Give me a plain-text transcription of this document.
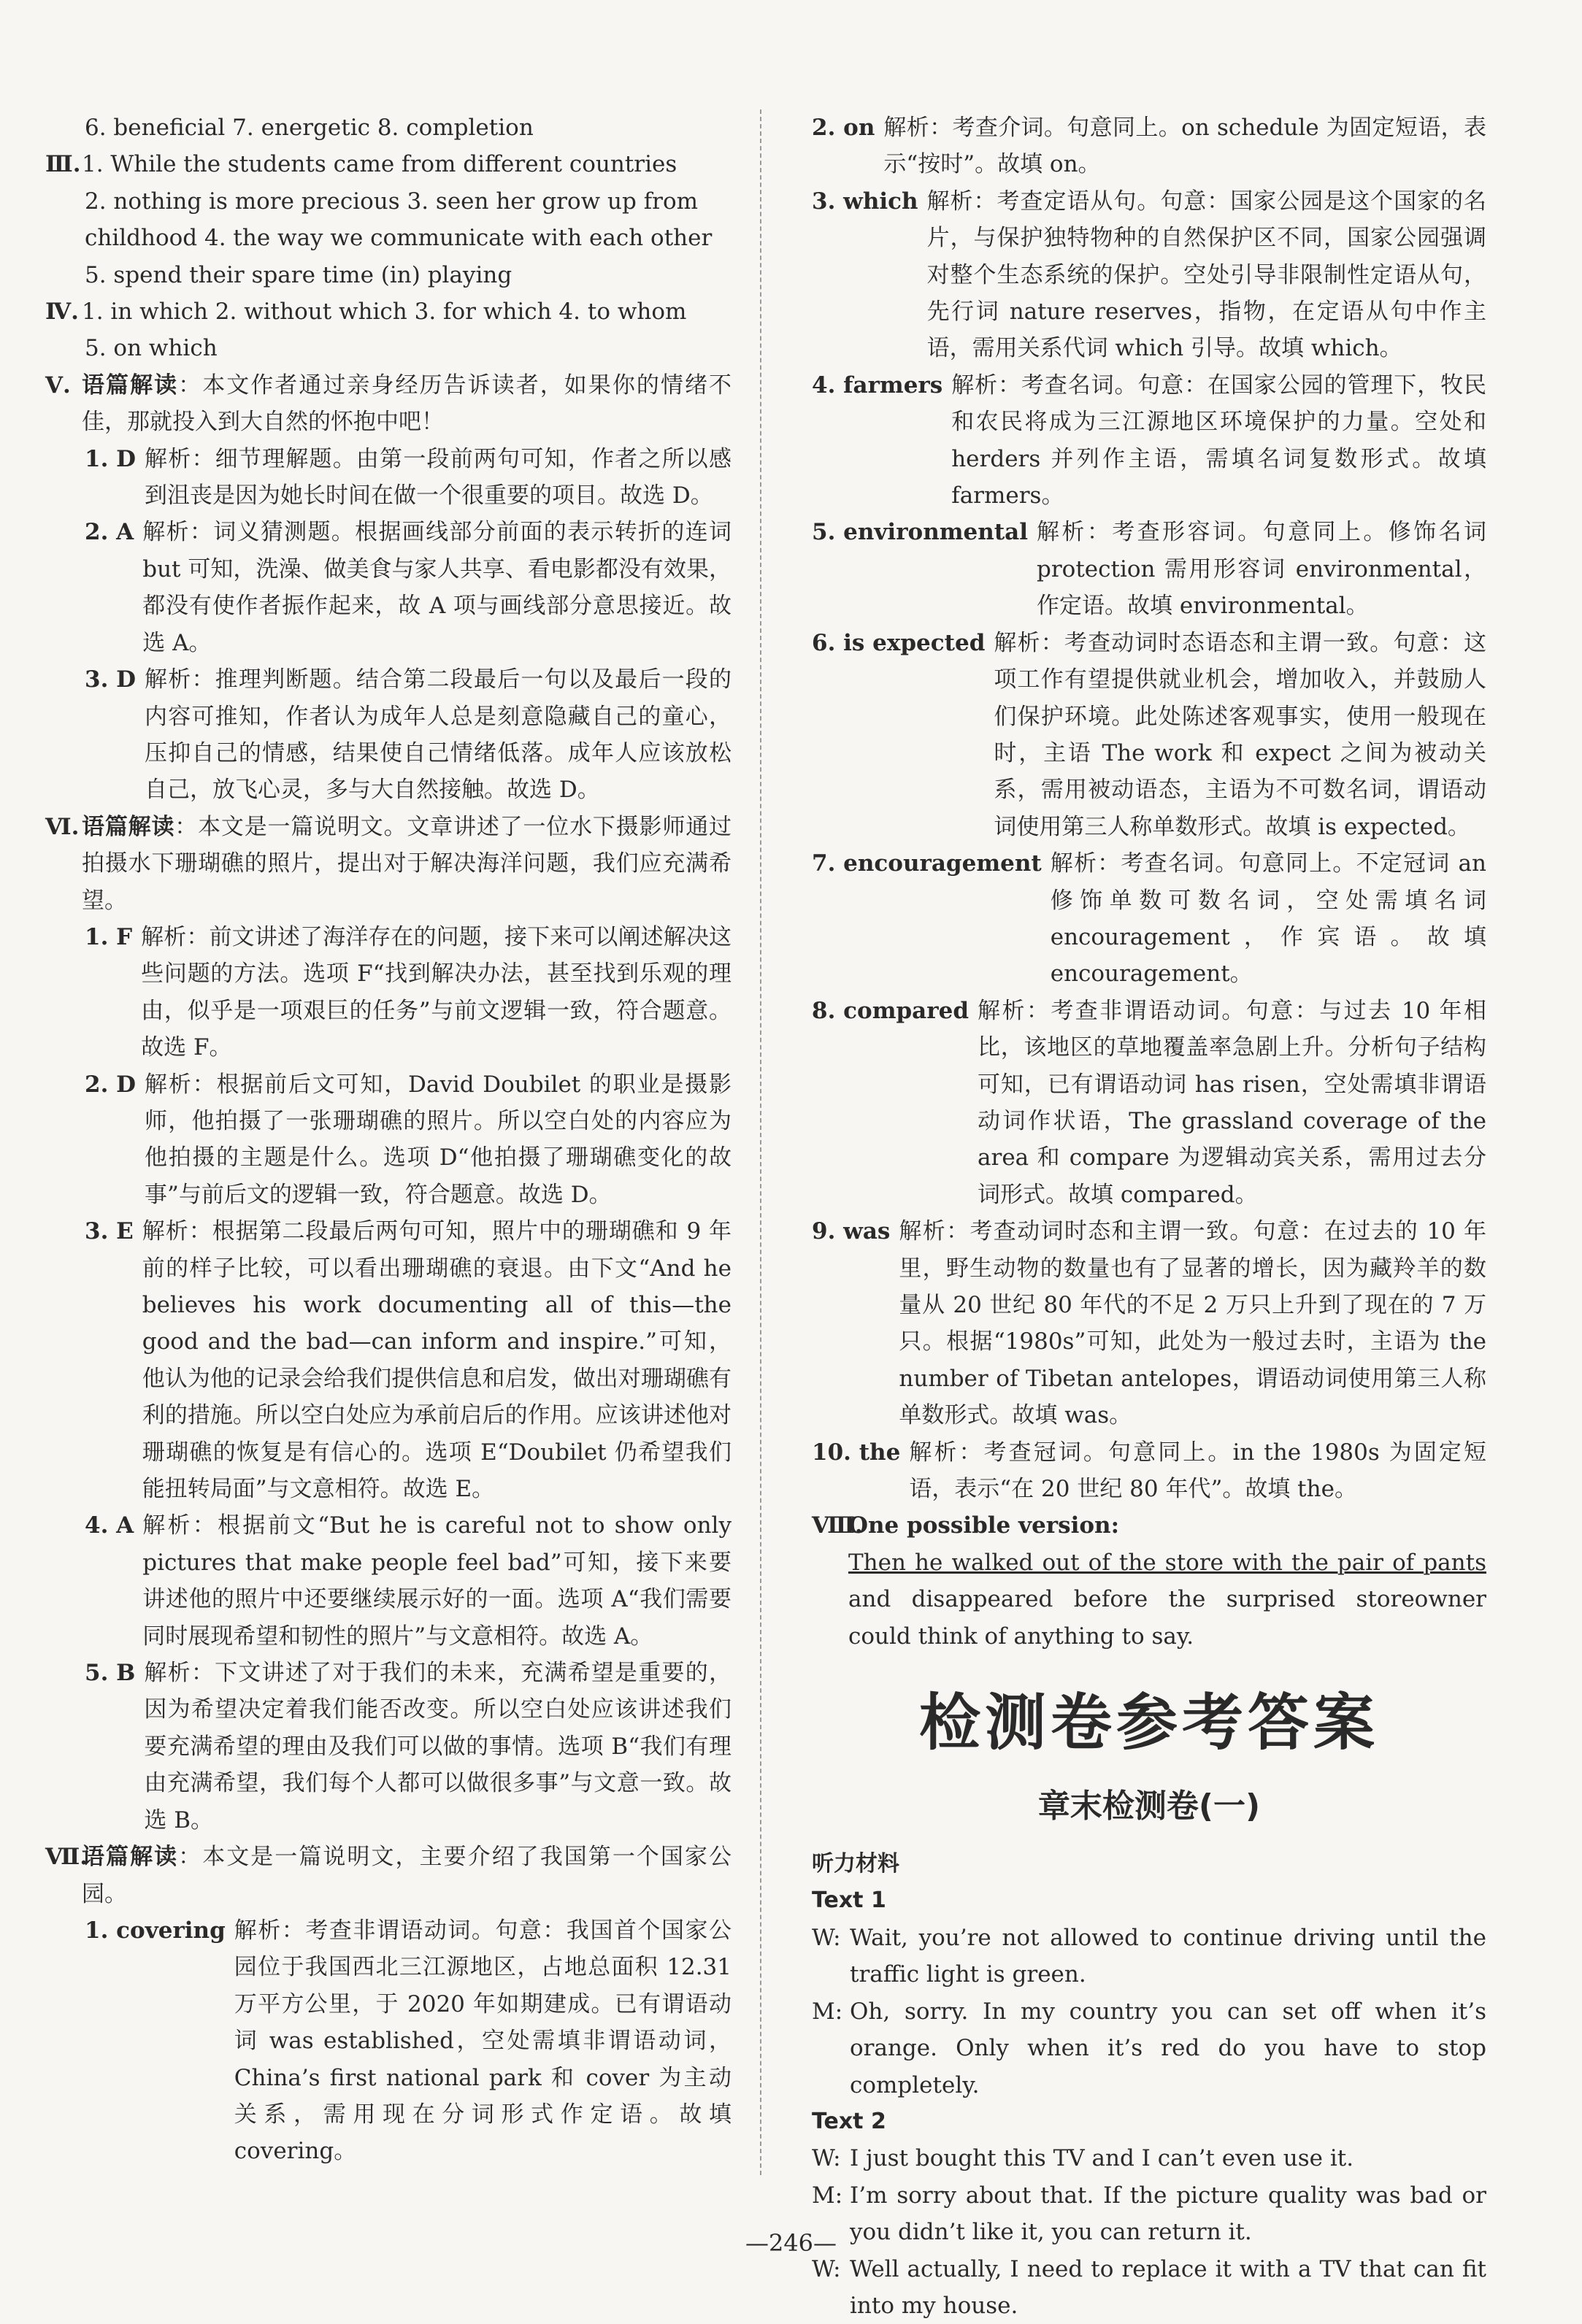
6. beneficial 7. energetic 8. completion
Ⅲ. 1. While the students came from different countries
2. nothing is more precious 3. seen her grow up from
childhood 4. the way we communicate with each other
5. spend their spare time (in) playing
Ⅳ. 1. in which 2. without which 3. for which 4. to whom
5. on which
Ⅴ. 语篇解读：本文作者通过亲身经历告诉读者，如果你的情绪不佳，那就投入到大自然的怀抱中吧！
1. D 解析：细节理解题。由第一段前两句可知，作者之所以感到沮丧是因为她长时间在做一个很重要的项目。故选 D。
2. A 解析：词义猜测题。根据画线部分前面的表示转折的连词 but 可知，洗澡、做美食与家人共享、看电影都没有效果，都没有使作者振作起来，故 A 项与画线部分意思接近。故选 A。
3. D 解析：推理判断题。结合第二段最后一句以及最后一段的内容可推知，作者认为成年人总是刻意隐藏自己的童心，压抑自己的情感，结果使自己情绪低落。成年人应该放松自己，放飞心灵，多与大自然接触。故选 D。
Ⅵ. 语篇解读：本文是一篇说明文。文章讲述了一位水下摄影师通过拍摄水下珊瑚礁的照片，提出对于解决海洋问题，我们应充满希望。
1. F 解析：前文讲述了海洋存在的问题，接下来可以阐述解决这些问题的方法。选项 F“找到解决办法，甚至找到乐观的理由，似乎是一项艰巨的任务”与前文逻辑一致，符合题意。故选 F。
2. D 解析：根据前后文可知，David Doubilet 的职业是摄影师，他拍摄了一张珊瑚礁的照片。所以空白处的内容应为他拍摄的主题是什么。选项 D“他拍摄了珊瑚礁变化的故事”与前后文的逻辑一致，符合题意。故选 D。
3. E 解析：根据第二段最后两句可知，照片中的珊瑚礁和 9 年前的样子比较，可以看出珊瑚礁的衰退。由下文“And he believes his work documenting all of this—the good and the bad—can inform and inspire.”可知，他认为他的记录会给我们提供信息和启发，做出对珊瑚礁有利的措施。所以空白处应为承前启后的作用。应该讲述他对珊瑚礁的恢复是有信心的。选项 E“Doubilet 仍希望我们能扭转局面”与文意相符。故选 E。
4. A 解析：根据前文“But he is careful not to show only pictures that make people feel bad”可知，接下来要讲述他的照片中还要继续展示好的一面。选项 A“我们需要同时展现希望和韧性的照片”与文意相符。故选 A。
5. B 解析：下文讲述了对于我们的未来，充满希望是重要的，因为希望决定着我们能否改变。所以空白处应该讲述我们要充满希望的理由及我们可以做的事情。选项 B“我们有理由充满希望，我们每个人都可以做很多事”与文意一致。故选 B。
Ⅶ.
语篇解读：本文是一篇说明文，主要介绍了我国第一个国家公园。
1. covering 解析：考查非谓语动词。句意：我国首个国家公园位于我国西北三江源地区，占地总面积 12.31 万平方公里，于 2020 年如期建成。已有谓语动词 was established，空处需填非谓语动词，China’s first national park 和 cover 为主动关系，需用现在分词形式作定语。故填 covering。
2. on 解析：考查介词。句意同上。on schedule 为固定短语，表示“按时”。故填 on。
3. which 解析：考查定语从句。句意：国家公园是这个国家的名片，与保护独特物种的自然保护区不同，国家公园强调对整个生态系统的保护。空处引导非限制性定语从句，先行词 nature reserves，指物，在定语从句中作主语，需用关系代词 which 引导。故填 which。
4. farmers 解析：考查名词。句意：在国家公园的管理下，牧民和农民将成为三江源地区环境保护的力量。空处和 herders 并列作主语，需填名词复数形式。故填 farmers。
5. environmental 解析：考查形容词。句意同上。修饰名词 protection 需用形容词 environmental，作定语。故填 environmental。
6. is expected 解析：考查动词时态语态和主谓一致。句意：这项工作有望提供就业机会，增加收入，并鼓励人们保护环境。此处陈述客观事实，使用一般现在时，主语 The work 和 expect 之间为被动关系，需用被动语态，主语为不可数名词，谓语动词使用第三人称单数形式。故填 is expected。
7. encouragement 解析：考查名词。句意同上。不定冠词 an 修饰单数可数名词，空处需填名词 encouragement，作宾语。故填 encouragement。
8. compared 解析：考查非谓语动词。句意：与过去 10 年相比，该地区的草地覆盖率急剧上升。分析句子结构可知，已有谓语动词 has risen，空处需填非谓语动词作状语，The grassland coverage of the area 和 compare 为逻辑动宾关系，需用过去分词形式。故填 compared。
9. was 解析：考查动词时态和主谓一致。句意：在过去的 10 年里，野生动物的数量也有了显著的增长，因为藏羚羊的数量从 20 世纪 80 年代的不足 2 万只上升到了现在的 7 万只。根据“1980s”可知，此处为一般过去时，主语为 the number of Tibetan antelopes，谓语动词使用第三人称单数形式。故填 was。
10. the 解析：考查冠词。句意同上。in the 1980s 为固定短语，表示“在 20 世纪 80 年代”。故填 the。
Ⅷ.
One possible version:
Then he walked out of the store with the pair of pants and disappeared before the surprised storeowner could think of anything to say.
检测卷参考答案
章末检测卷(一)
听力材料
Text 1
W: Wait, you’re not allowed to continue driving until the traffic light is green.
M: Oh, sorry. In my country you can set off when it’s orange. Only when it’s red do you have to stop completely.
Text 2
W: I just bought this TV and I can’t even use it.
M: I’m sorry about that. If the picture quality was bad or you didn’t like it, you can return it.
W: Well actually, I need to replace it with a TV that can fit into my house.
—246—
